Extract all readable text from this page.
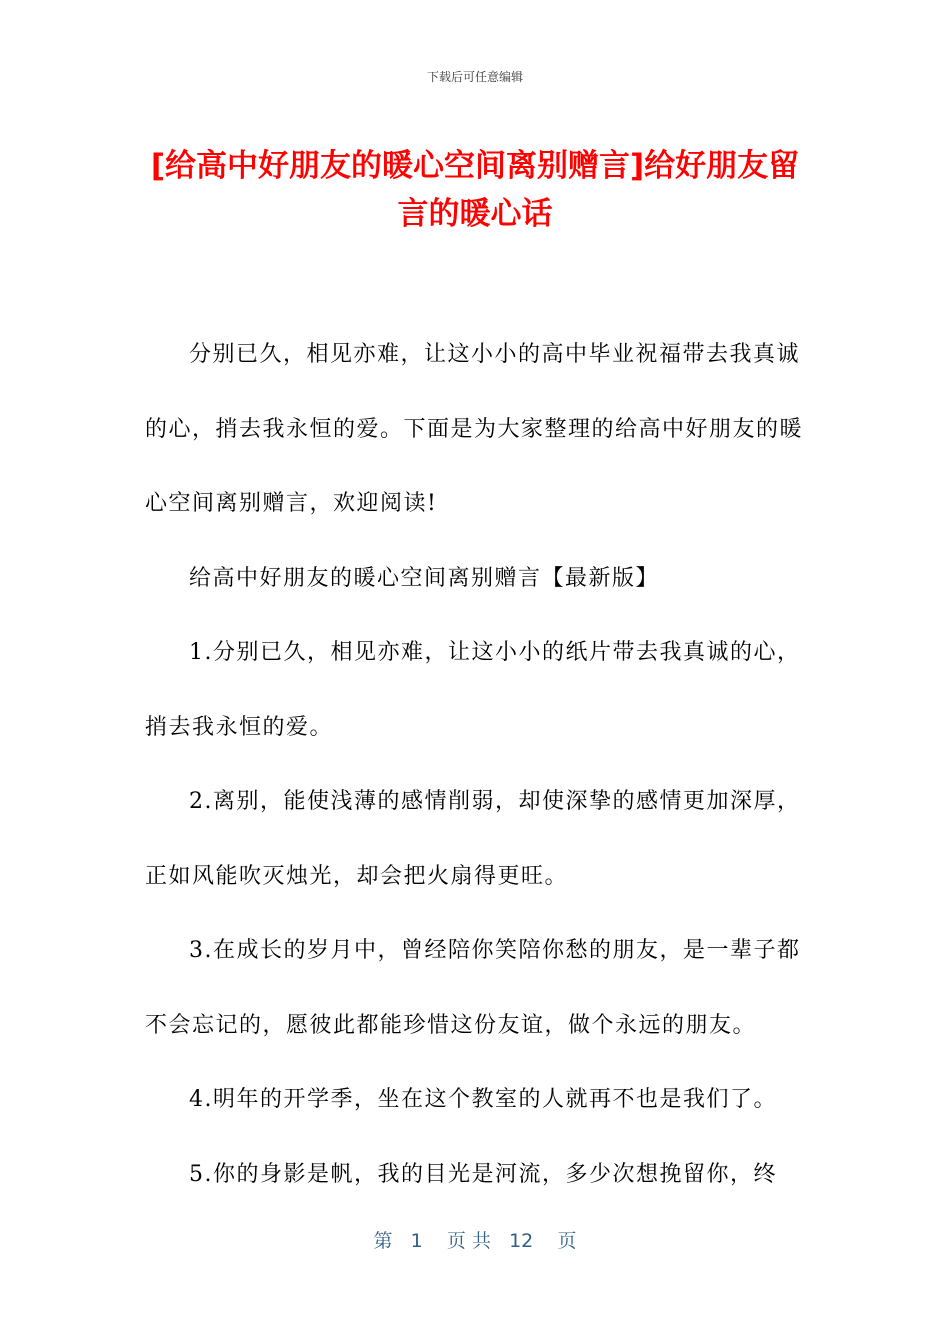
下载后可任意编辑
[给高中好朋友的暖心空间离别赠言]给好朋友留言的暖心话

分别已久，相见亦难，让这小小的高中毕业祝福带去我真诚的心，捎去我永恒的爱。下面是为大家整理的给高中好朋友的暖心空间离别赠言，欢迎阅读!

给高中好朋友的暖心空间离别赠言【最新版】

1.分别已久，相见亦难，让这小小的纸片带去我真诚的心，捎去我永恒的爱。

2.离别，能使浅薄的感情削弱，却使深挚的感情更加深厚，正如风能吹灭烛光，却会把火扇得更旺。

3.在成长的岁月中，曾经陪你笑陪你愁的朋友，是一辈子都不会忘记的，愿彼此都能珍惜这份友谊，做个永远的朋友。

4.明年的开学季，坐在这个教室的人就再不也是我们了。

5.你的身影是帆，我的目光是河流，多少次想挽留你，终

第 1 页 共 12 页
